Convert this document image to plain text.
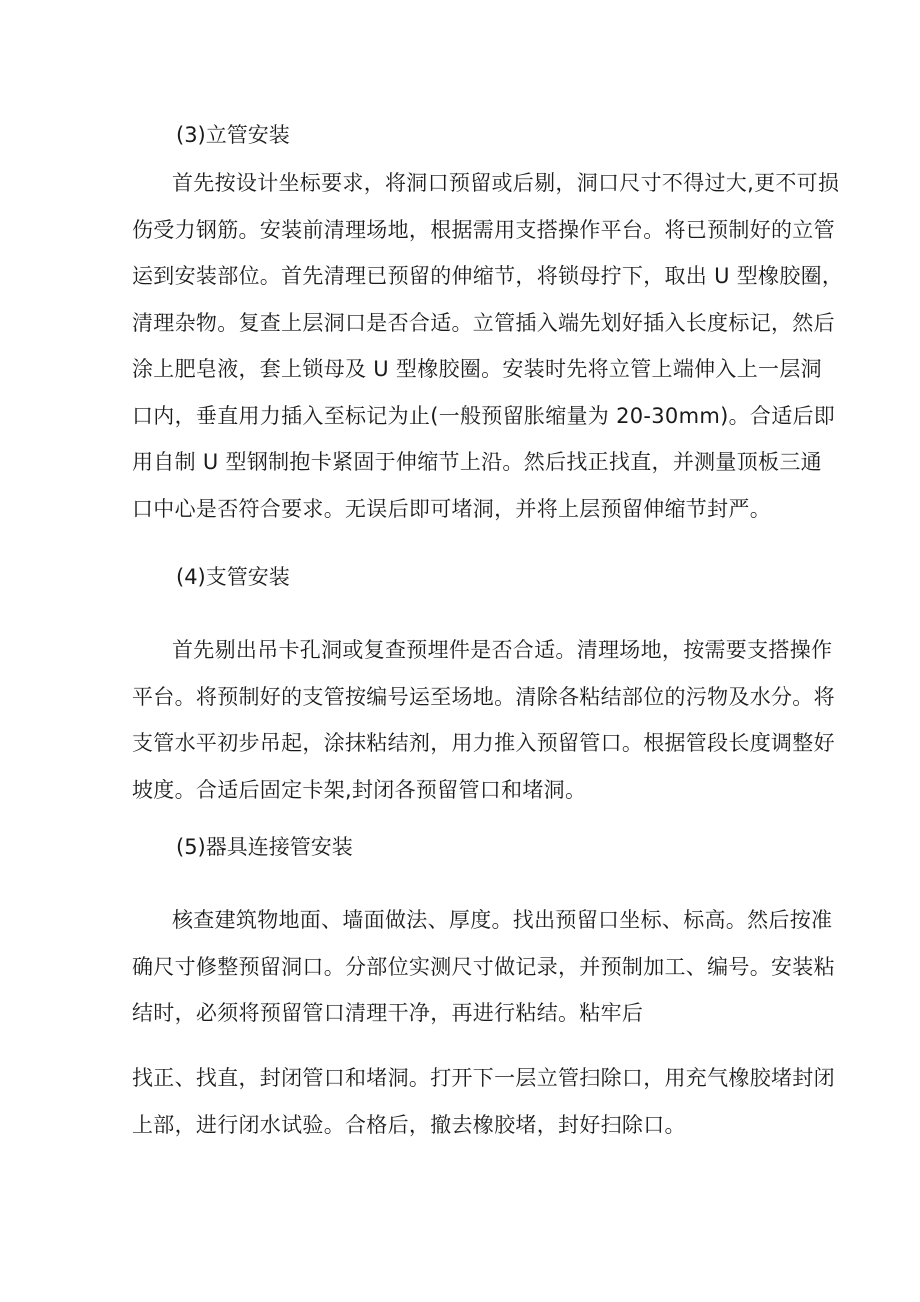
(3)立管安装
首先按设计坐标要求，将洞口预留或后剔，洞口尺寸不得过大,更不可损
伤受力钢筋。安装前清理场地，根据需用支搭操作平台。将已预制好的立管
运到安装部位。首先清理已预留的伸缩节，将锁母拧下，取出 U 型橡胶圈，
清理杂物。复查上层洞口是否合适。立管插入端先划好插入长度标记，然后
涂上肥皂液，套上锁母及 U 型橡胶圈。安装时先将立管上端伸入上一层洞
口内，垂直用力插入至标记为止(一般预留胀缩量为 20-30mm)。合适后即
用自制 U 型钢制抱卡紧固于伸缩节上沿。然后找正找直，并测量顶板三通
口中心是否符合要求。无误后即可堵洞，并将上层预留伸缩节封严。
(4)支管安装
首先剔出吊卡孔洞或复查预埋件是否合适。清理场地，按需要支搭操作
平台。将预制好的支管按编号运至场地。清除各粘结部位的污物及水分。将
支管水平初步吊起，涂抹粘结剂，用力推入预留管口。根据管段长度调整好
坡度。合适后固定卡架,封闭各预留管口和堵洞。
(5)器具连接管安装
核查建筑物地面、墙面做法、厚度。找出预留口坐标、标高。然后按准
确尺寸修整预留洞口。分部位实测尺寸做记录，并预制加工、编号。安装粘
结时，必须将预留管口清理干净，再进行粘结。粘牢后
找正、找直，封闭管口和堵洞。打开下一层立管扫除口，用充气橡胶堵封闭
上部，进行闭水试验。合格后，撤去橡胶堵，封好扫除口。
